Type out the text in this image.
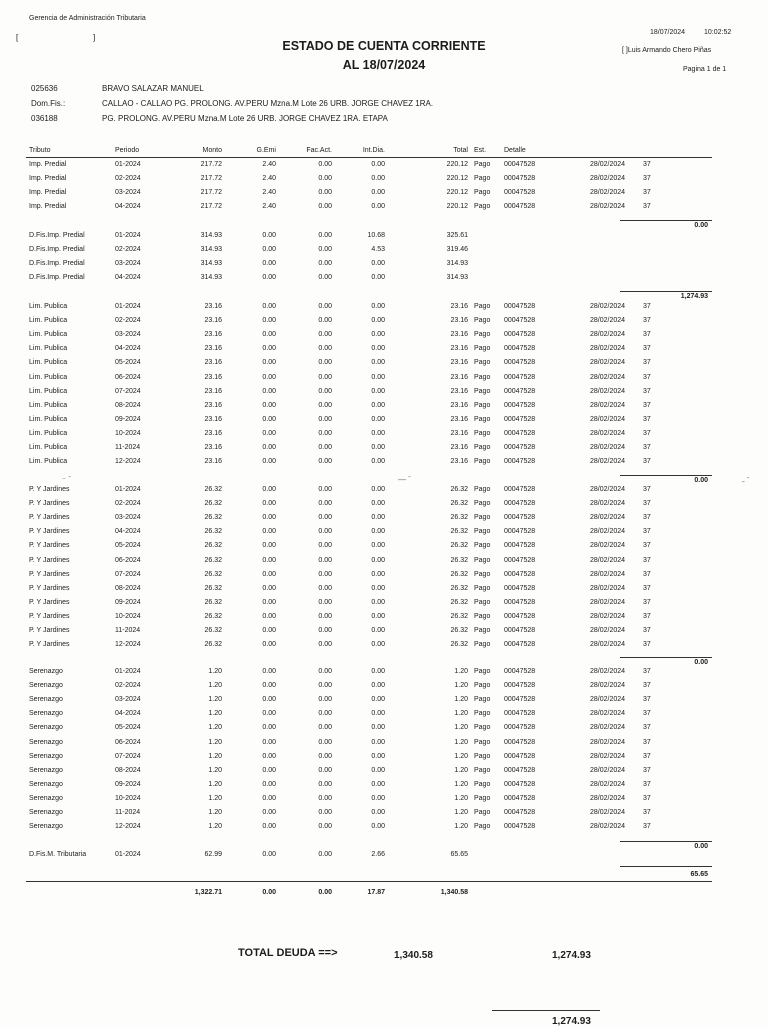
Gerencia de Administración Tributaria
[	]
ESTADO DE CUENTA CORRIENTE
AL 18/07/2024
18/07/2024	10:02:52
[ ]Luis Armando Chero Piñas
Pagina 1 de 1
025636	BRAVO SALAZAR MANUEL
Dom.Fis.:	CALLAO - CALLAO PG. PROLONG. AV.PERU Mzna.M Lote 26 URB. JORGE CHAVEZ 1RA.
036188	PG. PROLONG. AV.PERU Mzna.M Lote 26 URB. JORGE CHAVEZ 1RA. ETAPA
Tributo	Periodo	Monto	G.Emi	Fac.Act.	Int.Dia.	Total Est.	Detalle
Imp. Predial	01-2024	217.72	2.40	0.00	0.00	220.12 Pago 00047528	28/02/2024	37
Imp. Predial	02-2024	217.72	2.40	0.00	0.00	220.12 Pago 00047528	28/02/2024	37
Imp. Predial	03-2024	217.72	2.40	0.00	0.00	220.12 Pago 00047528	28/02/2024	37
Imp. Predial	04-2024	217.72	2.40	0.00	0.00	220.12 Pago 00047528	28/02/2024	37
0.00
D.Fis.Imp. Predial	01-2024	314.93	0.00	0.00	10.68	325.61
D.Fis.Imp. Predial	02-2024	314.93	0.00	0.00	4.53	319.46
D.Fis.Imp. Predial	03-2024	314.93	0.00	0.00	0.00	314.93
D.Fis.Imp. Predial	04-2024	314.93	0.00	0.00	0.00	314.93
1,274.93
Lim. Publica	01-2024	23.16	0.00	0.00	0.00	23.16 Pago 00047528	28/02/2024	37
Lim. Publica	02-2024	23.16	0.00	0.00	0.00	23.16 Pago 00047528	28/02/2024	37
Lim. Publica	03-2024	23.16	0.00	0.00	0.00	23.16 Pago 00047528	28/02/2024	37
Lim. Publica	04-2024	23.16	0.00	0.00	0.00	23.16 Pago 00047528	28/02/2024	37
Lim. Publica	05-2024	23.16	0.00	0.00	0.00	23.16 Pago 00047528	28/02/2024	37
Lim. Publica	06-2024	23.16	0.00	0.00	0.00	23.16 Pago 00047528	28/02/2024	37
Lim. Publica	07-2024	23.16	0.00	0.00	0.00	23.16 Pago 00047528	28/02/2024	37
Lim. Publica	08-2024	23.16	0.00	0.00	0.00	23.16 Pago 00047528	28/02/2024	37
Lim. Publica	09-2024	23.16	0.00	0.00	0.00	23.16 Pago 00047528	28/02/2024	37
Lim. Publica	10-2024	23.16	0.00	0.00	0.00	23.16 Pago 00047528	28/02/2024	37
Lim. Publica	11-2024	23.16	0.00	0.00	0.00	23.16 Pago 00047528	28/02/2024	37
Lim. Publica	12-2024	23.16	0.00	0.00	0.00	23.16 Pago 00047528	28/02/2024	37
0.00
P. Y Jardines	01-2024	26.32	0.00	0.00	0.00	26.32 Pago 00047528	28/02/2024	37
P. Y Jardines	02-2024	26.32	0.00	0.00	0.00	26.32 Pago 00047528	28/02/2024	37
P. Y Jardines	03-2024	26.32	0.00	0.00	0.00	26.32 Pago 00047528	28/02/2024	37
P. Y Jardines	04-2024	26.32	0.00	0.00	0.00	26.32 Pago 00047528	28/02/2024	37
P. Y Jardines	05-2024	26.32	0.00	0.00	0.00	26.32 Pago 00047528	28/02/2024	37
P. Y Jardines	06-2024	26.32	0.00	0.00	0.00	26.32 Pago 00047528	28/02/2024	37
P. Y Jardines	07-2024	26.32	0.00	0.00	0.00	26.32 Pago 00047528	28/02/2024	37
P. Y Jardines	08-2024	26.32	0.00	0.00	0.00	26.32 Pago 00047528	28/02/2024	37
P. Y Jardines	09-2024	26.32	0.00	0.00	0.00	26.32 Pago 00047528	28/02/2024	37
P. Y Jardines	10-2024	26.32	0.00	0.00	0.00	26.32 Pago 00047528	28/02/2024	37
P. Y Jardines	11-2024	26.32	0.00	0.00	0.00	26.32 Pago 00047528	28/02/2024	37
P. Y Jardines	12-2024	26.32	0.00	0.00	0.00	26.32 Pago 00047528	28/02/2024	37
0.00
Serenazgo	01-2024	1.20	0.00	0.00	0.00	1.20 Pago 00047528	28/02/2024	37
Serenazgo	02-2024	1.20	0.00	0.00	0.00	1.20 Pago 00047528	28/02/2024	37
Serenazgo	03-2024	1.20	0.00	0.00	0.00	1.20 Pago 00047528	28/02/2024	37
Serenazgo	04-2024	1.20	0.00	0.00	0.00	1.20 Pago 00047528	28/02/2024	37
Serenazgo	05-2024	1.20	0.00	0.00	0.00	1.20 Pago 00047528	28/02/2024	37
Serenazgo	06-2024	1.20	0.00	0.00	0.00	1.20 Pago 00047528	28/02/2024	37
Serenazgo	07-2024	1.20	0.00	0.00	0.00	1.20 Pago 00047528	28/02/2024	37
Serenazgo	08-2024	1.20	0.00	0.00	0.00	1.20 Pago 00047528	28/02/2024	37
Serenazgo	09-2024	1.20	0.00	0.00	0.00	1.20 Pago 00047528	28/02/2024	37
Serenazgo	10-2024	1.20	0.00	0.00	0.00	1.20 Pago 00047528	28/02/2024	37
Serenazgo	11-2024	1.20	0.00	0.00	0.00	1.20 Pago 00047528	28/02/2024	37
Serenazgo	12-2024	1.20	0.00	0.00	0.00	1.20 Pago 00047528	28/02/2024	37
0.00
D.Fis.M. Tributaria	01-2024	62.99	0.00	0.00	2.66	65.65
65.65
⁻ ˉ	— ˉ	˗ ˉ
1,322.71	0.00	0.00	17.87	1,340.58
TOTAL DEUDA ==>	1,340.58	1,274.93
1,274.93
